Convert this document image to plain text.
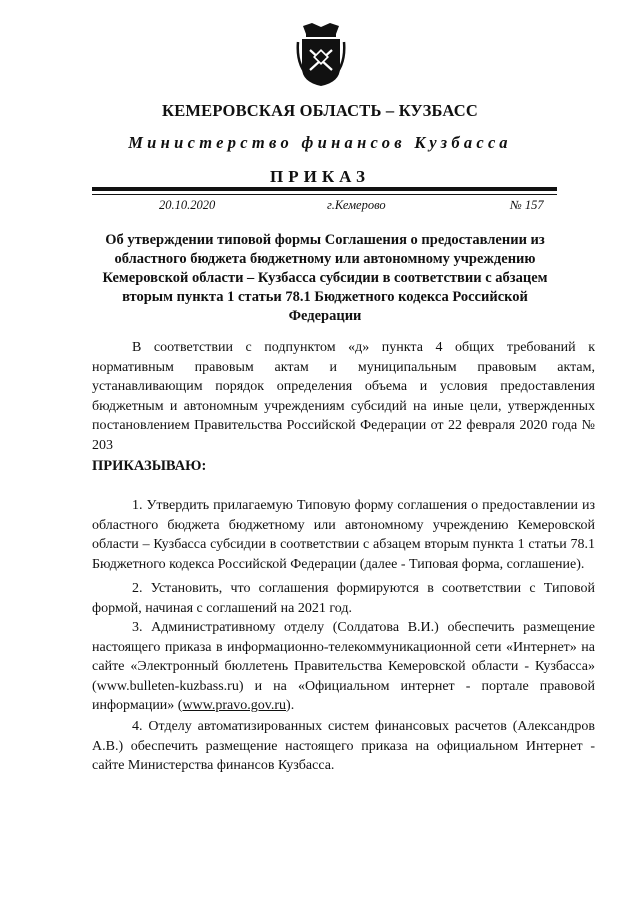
КЕМЕРОВСКАЯ ОБЛАСТЬ – КУЗБАСС
Министерство финансов Кузбасса
ПРИКАЗ
20.10.2020	г.Кемерово	№ 157
Об утверждении типовой формы Соглашения о предоставлении из областного бюджета бюджетному или автономному учреждению Кемеровской области – Кузбасса субсидии в соответствии с абзацем вторым пункта 1 статьи 78.1 Бюджетного кодекса Российской Федерации
В соответствии с подпунктом «д» пункта 4 общих требований к нормативным правовым актам и муниципальным правовым актам, устанавливающим порядок определения объема и условия предоставления бюджетным и автономным учреждениям субсидий на иные цели, утвержденных постановлением Правительства Российской Федерации от 22 февраля 2020 года № 203
ПРИКАЗЫВАЮ:
1. Утвердить прилагаемую Типовую форму соглашения о предоставлении из областного бюджета бюджетному или автономному учреждению Кемеровской области – Кузбасса субсидии в соответствии с абзацем вторым пункта 1 статьи 78.1 Бюджетного кодекса Российской Федерации (далее - Типовая форма, соглашение).
2. Установить, что соглашения формируются в соответствии с Типовой формой, начиная с соглашений на 2021 год.
3. Административному отделу (Солдатова В.И.) обеспечить размещение настоящего приказа в информационно-телекоммуникационной сети «Интернет» на сайте «Электронный бюллетень Правительства Кемеровской области - Кузбасса» (www.bulleten-kuzbass.ru) и на «Официальном интернет - портале правовой информации» (www.pravo.gov.ru).
4. Отделу автоматизированных систем финансовых расчетов (Александров А.В.) обеспечить размещение настоящего приказа на официальном Интернет - сайте Министерства финансов Кузбасса.
